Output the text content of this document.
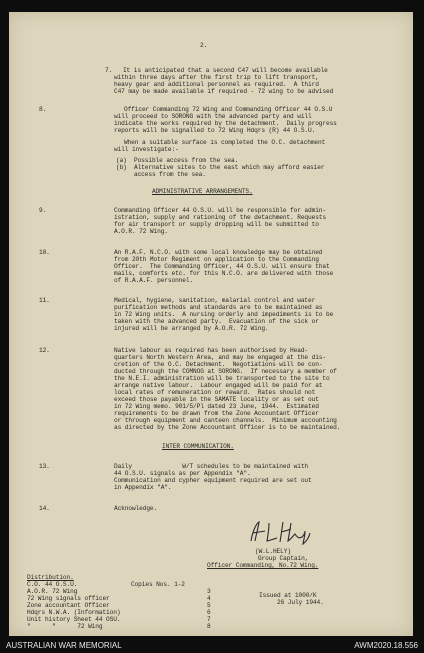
2.
7.   It is anticipated that a second C47 will become available
within three days after the first trip to lift transport,
heavy gear and additional personnel as required.  A third
C47 may be made available if required - 72 wing to be advised
8.	Officer Commanding 72 Wing and Commanding Officer 44 O.S.U
will proceed to SORONG with the advanced party and will
indicate the works required by the detachment.  Daily progress
reports will be signalled to 72 Wing Hdqrs (R) 44 O.S.U.
When a suitable surface is completed the O.C. detachment
will investigate:-
(a) Possible access from the sea.
(b) Alternative sites to the east which may afford easier
access from the sea.
ADMINISTRATIVE ARRANGEMENTS.
9.	Commanding Officer 44 O.S.U. will be responsible for admin-
istration, supply and rationing of the detachment. Requests
for air transport or supply dropping will be submitted to
A.O.R. 72 Wing.
10.	An R.A.F. N.C.O. with some local knowledge may be obtained
from 20th Motor Regiment on application to the Commanding
Officer.  The Commanding Officer, 44 O.S.U. will ensure that
mails, comforts etc. for this N.C.O. are delivered with those
of R.A.A.F. personnel.
11.	Medical, hygiene, sanitation, malarial control and water
purification methods and standards are to be maintained as
in 72 Wing units.  A nursing orderly and impediments is to be
taken with the advanced party.  Evacuation of the sick or
injured will be arranged by A.O.R. 72 Wing.
12.	Native labour as required has been authorised by Head-
quarters North Western Area, and may be engaged at the dis-
cretion of the O.C. Detachment.  Negotiations will be con-
ducted through the COMNOG at SORONG.  If necessary a member of
the N.E.I. administration will be transported to the site to
arrange native labour.  Labour engaged will be paid for at
local rates of remuneration or reward.  Rates should not
exceed those payable in the SAMATE locality or as set out
in 72 Wing memo. 901/5/Pl dated 23 June, 1944.  Estimated
requirements to be drawn from the Zone Accountant Officer
or through equipment and canteen channels.  Minimum accounting
as directed by the Zone Accountant Officer is to be maintained.
INTER COMMUNICATION.
13.	Daily              W/T schedules to be maintained with
44 O.S.U. signals as per Appendix "A".
Communication and cypher equipment required are set out
in Appendix "A".
14.	Acknowledge.
(W.L.HELY)
Group Captain,
Officer Commanding, No.72 Wing.
Distribution.
C.O. 44 O.S.U.	Copies Nos. 1-2
A.O.R. 72 Wing	3
72 Wing signals officer	4
Zone accountant Officer	5
Hdqrs N.W.A. (Information)	6
Unit history Sheet 44 OSU.	7
"      "      72 Wing	8
Issued at 1000/K
26 July 1944.
AUSTRALIAN WAR MEMORIAL	AWM2020.18.556
